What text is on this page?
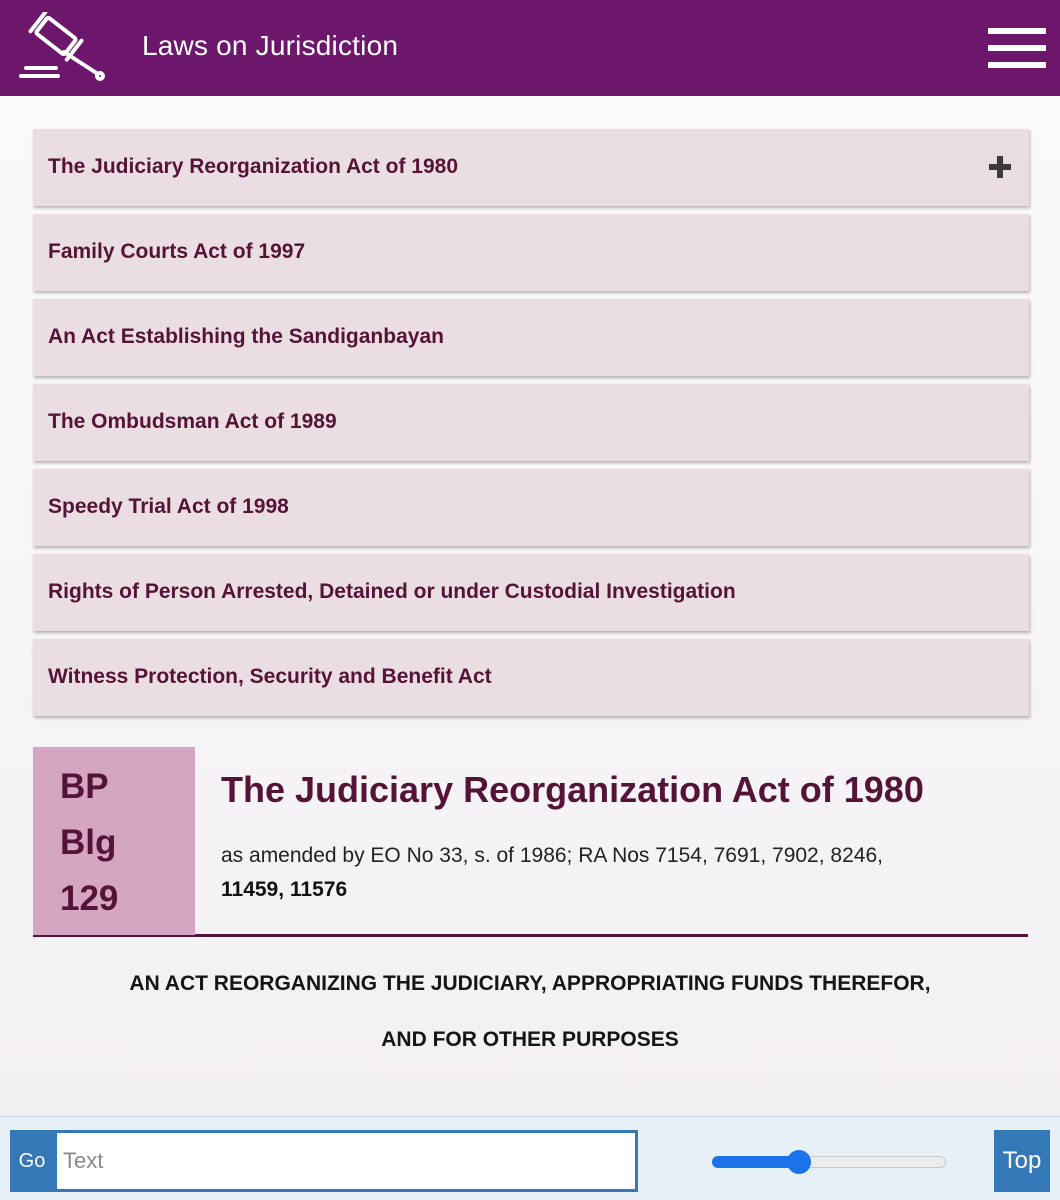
Laws on Jurisdiction
The Judiciary Reorganization Act of 1980
Family Courts Act of 1997
An Act Establishing the Sandiganbayan
The Ombudsman Act of 1989
Speedy Trial Act of 1998
Rights of Person Arrested, Detained or under Custodial Investigation
Witness Protection, Security and Benefit Act
BP
Blg
129
The Judiciary Reorganization Act of 1980

as amended by EO No 33, s. of 1986; RA Nos 7154, 7691, 7902, 8246,
11459, 11576

AN ACT REORGANIZING THE JUDICIARY, APPROPRIATING FUNDS THEREFOR,
AND FOR OTHER PURPOSES
Go
Text	Top
